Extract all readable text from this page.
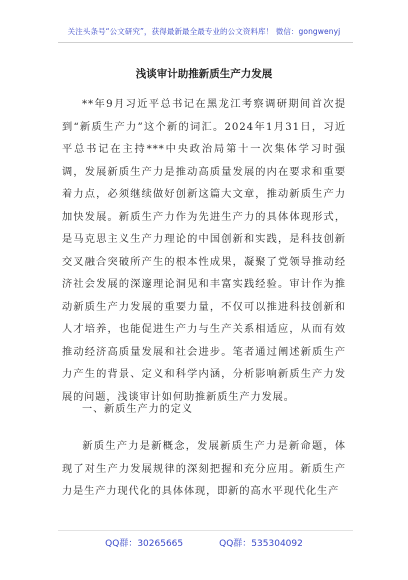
关注头条号“公文研究”，获得最新最全最专业的公文资料库！ 微信：gongwenyj
浅谈审计助推新质生产力发展
**年9月习近平总书记在黑龙江考察调研期间首次提到“新质生产力”这个新的词汇。2024年1月31日，习近平总书记在主持***中央政治局第十一次集体学习时强调，发展新质生产力是推动高质量发展的内在要求和重要着力点，必须继续做好创新这篇大文章，推动新质生产力加快发展。新质生产力作为先进生产力的具体体现形式，是马克思主义生产力理论的中国创新和实践，是科技创新交叉融合突破所产生的根本性成果，凝聚了党领导推动经济社会发展的深邃理论洞见和丰富实践经验。审计作为推动新质生产力发展的重要力量，不仅可以推进科技创新和人才培养，也能促进生产力与生产关系相适应，从而有效推动经济高质量发展和社会进步。笔者通过阐述新质生产力产生的背景、定义和科学内涵，分析影响新质生产力发展的问题，浅谈审计如何助推新质生产力发展。
一、新质生产力的定义
新质生产力是新概念，发展新质生产力是新命题，体现了对生产力发展规律的深刻把握和充分应用。新质生产力是生产力现代化的具体体现，即新的高水平现代化生产
QQ群：30265665	QQ群：535304092
